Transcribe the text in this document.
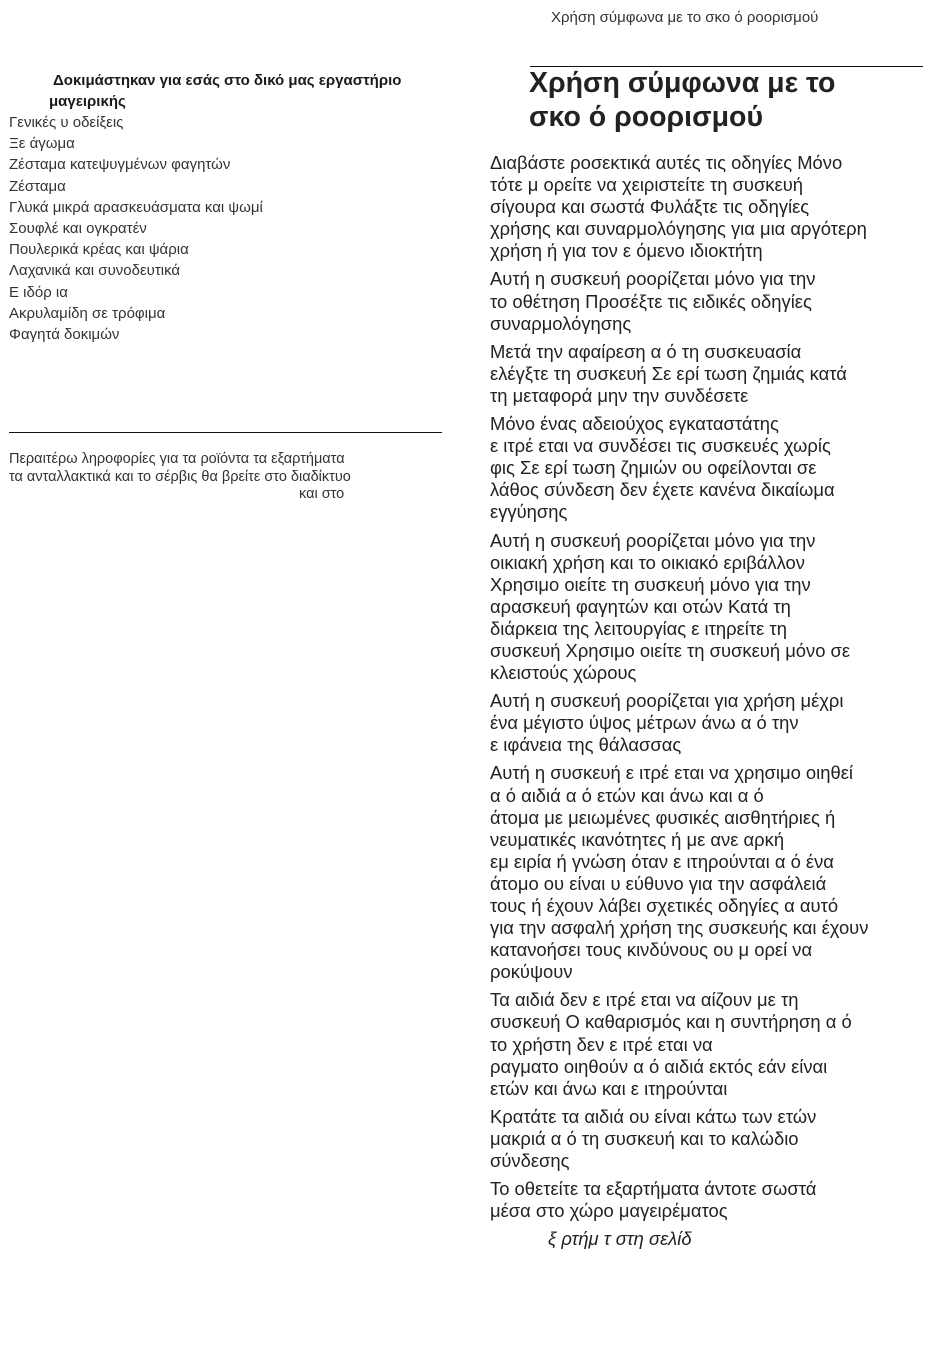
Χρήση σύμφωνα με το σκο ό ροορισμού
Δοκιμάστηκαν για εσάς στο δικό μας εργαστήριο
μαγειρικής
Γενικές υ οδείξεις
Ξε άγωμα
Ζέσταμα κατεψυγμένων φαγητών
Ζέσταμα
Γλυκά μικρά αρασκευάσματα και ψωμί
Σουφλέ και ογκρατέν
Πουλερικά κρέας και ψάρια
Λαχανικά και συνοδευτικά
Ε ιδόρ ια
Ακρυλαμίδη σε τρόφιμα
Φαγητά δοκιμών
Περαιτέρω ληροφορίες για τα ροϊόντα τα εξαρτήματα
τα ανταλλακτικά και το σέρβις θα βρείτε στο διαδίκτυο
και στο
Χρήση σύμφωνα με το
σκο ό ροορισμού

Διαβάστε ροσεκτικά αυτές τις οδηγίες Μόνο
τότε μ ορείτε να χειριστείτε τη συσκευή
σίγουρα και σωστά Φυλάξτε τις οδηγίες
χρήσης και συναρμολόγησης για μια αργότερη
χρήση ή για τον ε όμενο ιδιοκτήτη

Αυτή η συσκευή ροορίζεται μόνο για την
το οθέτηση Προσέξτε τις ειδικές οδηγίες
συναρμολόγησης

Μετά την αφαίρεση α ό τη συσκευασία
ελέγξτε τη συσκευή Σε ερί τωση ζημιάς κατά
τη μεταφορά μην την συνδέσετε

Μόνο ένας αδειούχος εγκαταστάτης
ε ιτρέ εται να συνδέσει τις συσκευές χωρίς
φις Σε ερί τωση ζημιών ου οφείλονται σε
λάθος σύνδεση δεν έχετε κανένα δικαίωμα
εγγύησης

Αυτή η συσκευή ροορίζεται μόνο για την
οικιακή χρήση και το οικιακό εριβάλλον
Χρησιμο οιείτε τη συσκευή μόνο για την
αρασκευή φαγητών και οτών Κατά τη
διάρκεια της λειτουργίας ε ιτηρείτε τη
συσκευή Χρησιμο οιείτε τη συσκευή μόνο σε
κλειστούς χώρους

Αυτή η συσκευή ροορίζεται για χρήση μέχρι
ένα μέγιστο ύψος μέτρων άνω α ό την
ε ιφάνεια της θάλασσας

Αυτή η συσκευή ε ιτρέ εται να χρησιμο οιηθεί
α ό αιδιά α ό ετών και άνω και α ό
άτομα με μειωμένες φυσικές αισθητήριες ή
νευματικές ικανότητες ή με ανε αρκή
εμ ειρία ή γνώση όταν ε ιτηρούνται α ό ένα
άτομο ου είναι υ εύθυνο για την ασφάλειά
τους ή έχουν λάβει σχετικές οδηγίες α αυτό
για την ασφαλή χρήση της συσκευής και έχουν
κατανοήσει τους κινδύνους ου μ ορεί να
ροκύψουν

Τα αιδιά δεν ε ιτρέ εται να αίζουν με τη
συσκευή Ο καθαρισμός και η συντήρηση α ό
το χρήστη δεν ε ιτρέ εται να
ραγματο οιηθούν α ό αιδιά εκτός εάν είναι
ετών και άνω και ε ιτηρούνται

Κρατάτε τα αιδιά ου είναι κάτω των ετών
μακριά α ό τη συσκευή και το καλώδιο
σύνδεσης

Το οθετείτε τα εξαρτήματα άντοτε σωστά
μέσα στο χώρο μαγειρέματος

ξ ρτήμ τ στη σελίδ
